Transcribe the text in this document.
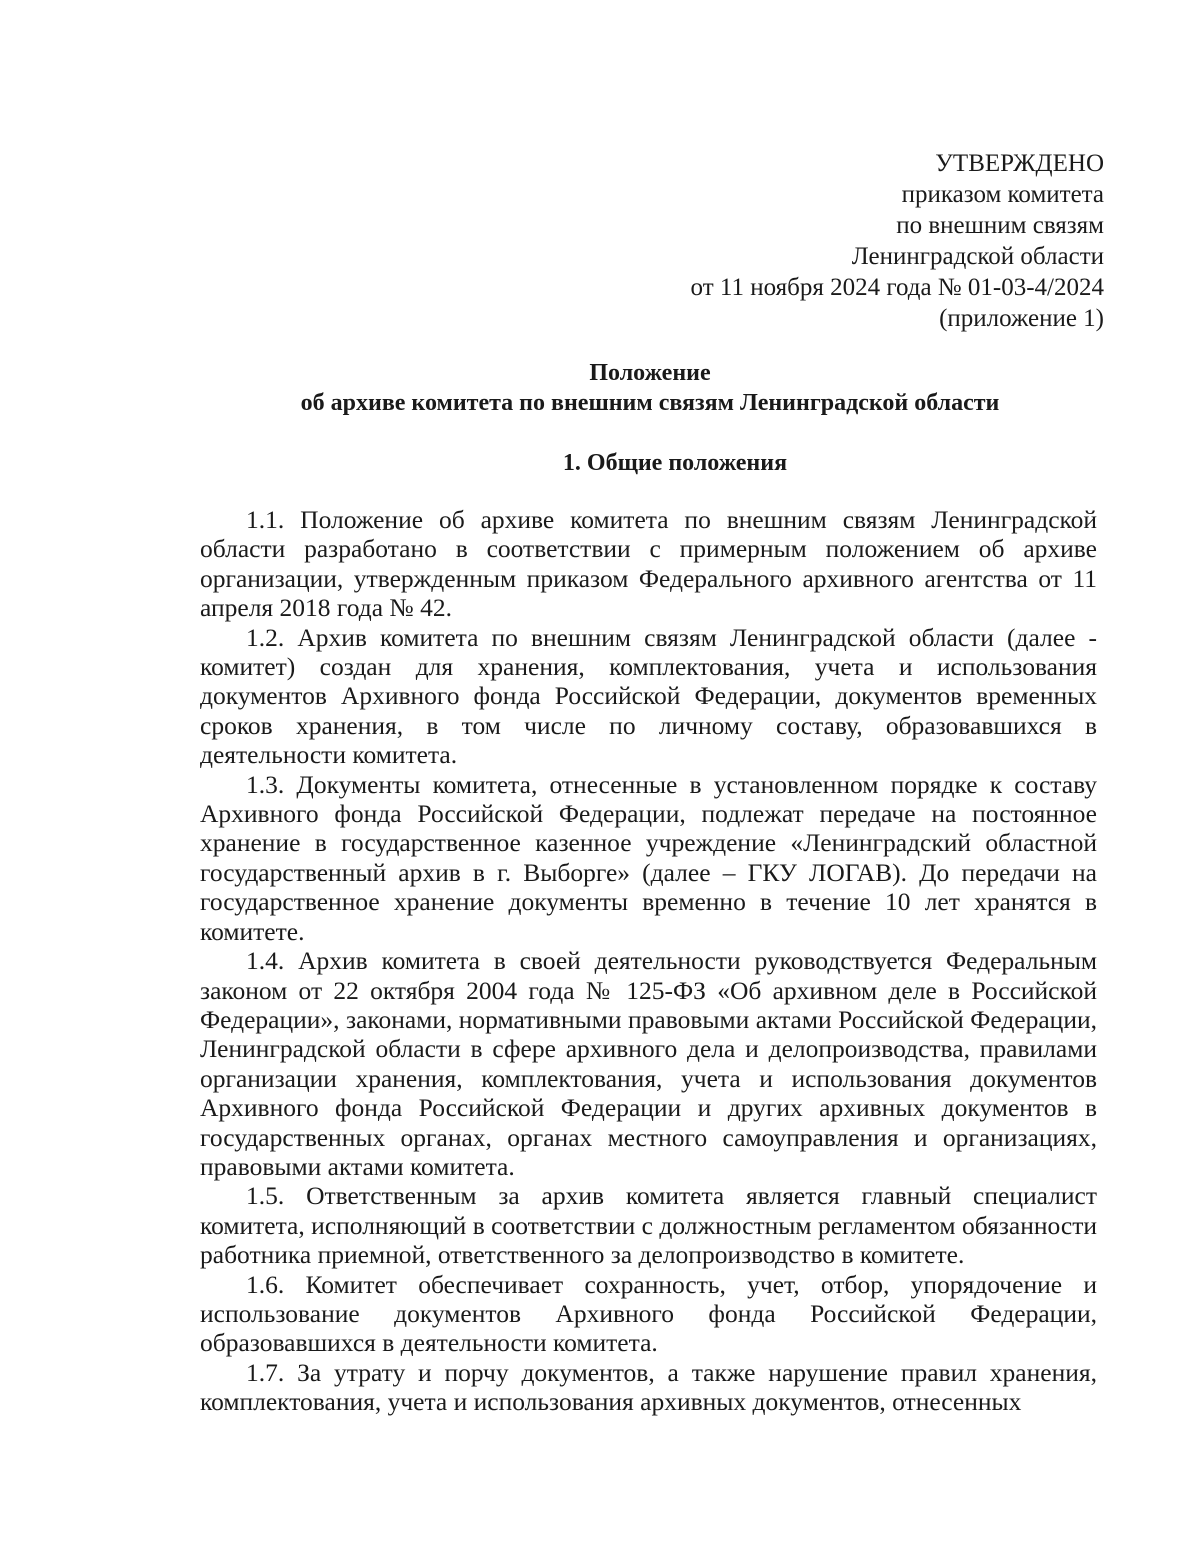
УТВЕРЖДЕНО
приказом комитета
по внешним связям
Ленинградской области
от 11 ноября 2024 года № 01-03-4/2024
(приложение 1)
Положение
об архиве комитета по внешним связям Ленинградской области
1. Общие положения

1.1. Положение об архиве комитета по внешним связям Ленинградской области разработано в соответствии с примерным положением об архиве организации, утвержденным приказом Федерального архивного агентства от 11 апреля 2018 года № 42.

1.2. Архив комитета по внешним связям Ленинградской области (далее - комитет) создан для хранения, комплектования, учета и использования документов Архивного фонда Российской Федерации, документов временных сроков хранения, в том числе по личному составу, образовавшихся в деятельности комитета.

1.3. Документы комитета, отнесенные в установленном порядке к составу Архивного фонда Российской Федерации, подлежат передаче на постоянное хранение в государственное казенное учреждение «Ленинградский областной государственный архив в г. Выборге» (далее – ГКУ ЛОГАВ). До передачи на государственное хранение документы временно в течение 10 лет хранятся в комитете.

1.4. Архив комитета в своей деятельности руководствуется Федеральным законом от 22 октября 2004 года № 125-ФЗ «Об архивном деле в Российской Федерации», законами, нормативными правовыми актами Российской Федерации, Ленинградской области в сфере архивного дела и делопроизводства, правилами организации хранения, комплектования, учета и использования документов Архивного фонда Российской Федерации и других архивных документов в государственных органах, органах местного самоуправления и организациях, правовыми актами комитета.

1.5. Ответственным за архив комитета является главный специалист комитета, исполняющий в соответствии с должностным регламентом обязанности работника приемной, ответственного за делопроизводство в комитете.

1.6. Комитет обеспечивает сохранность, учет, отбор, упорядочение и использование документов Архивного фонда Российской Федерации, образовавшихся в деятельности комитета.

1.7. За утрату и порчу документов, а также нарушение правил хранения, комплектования, учета и использования архивных документов, отнесенных
